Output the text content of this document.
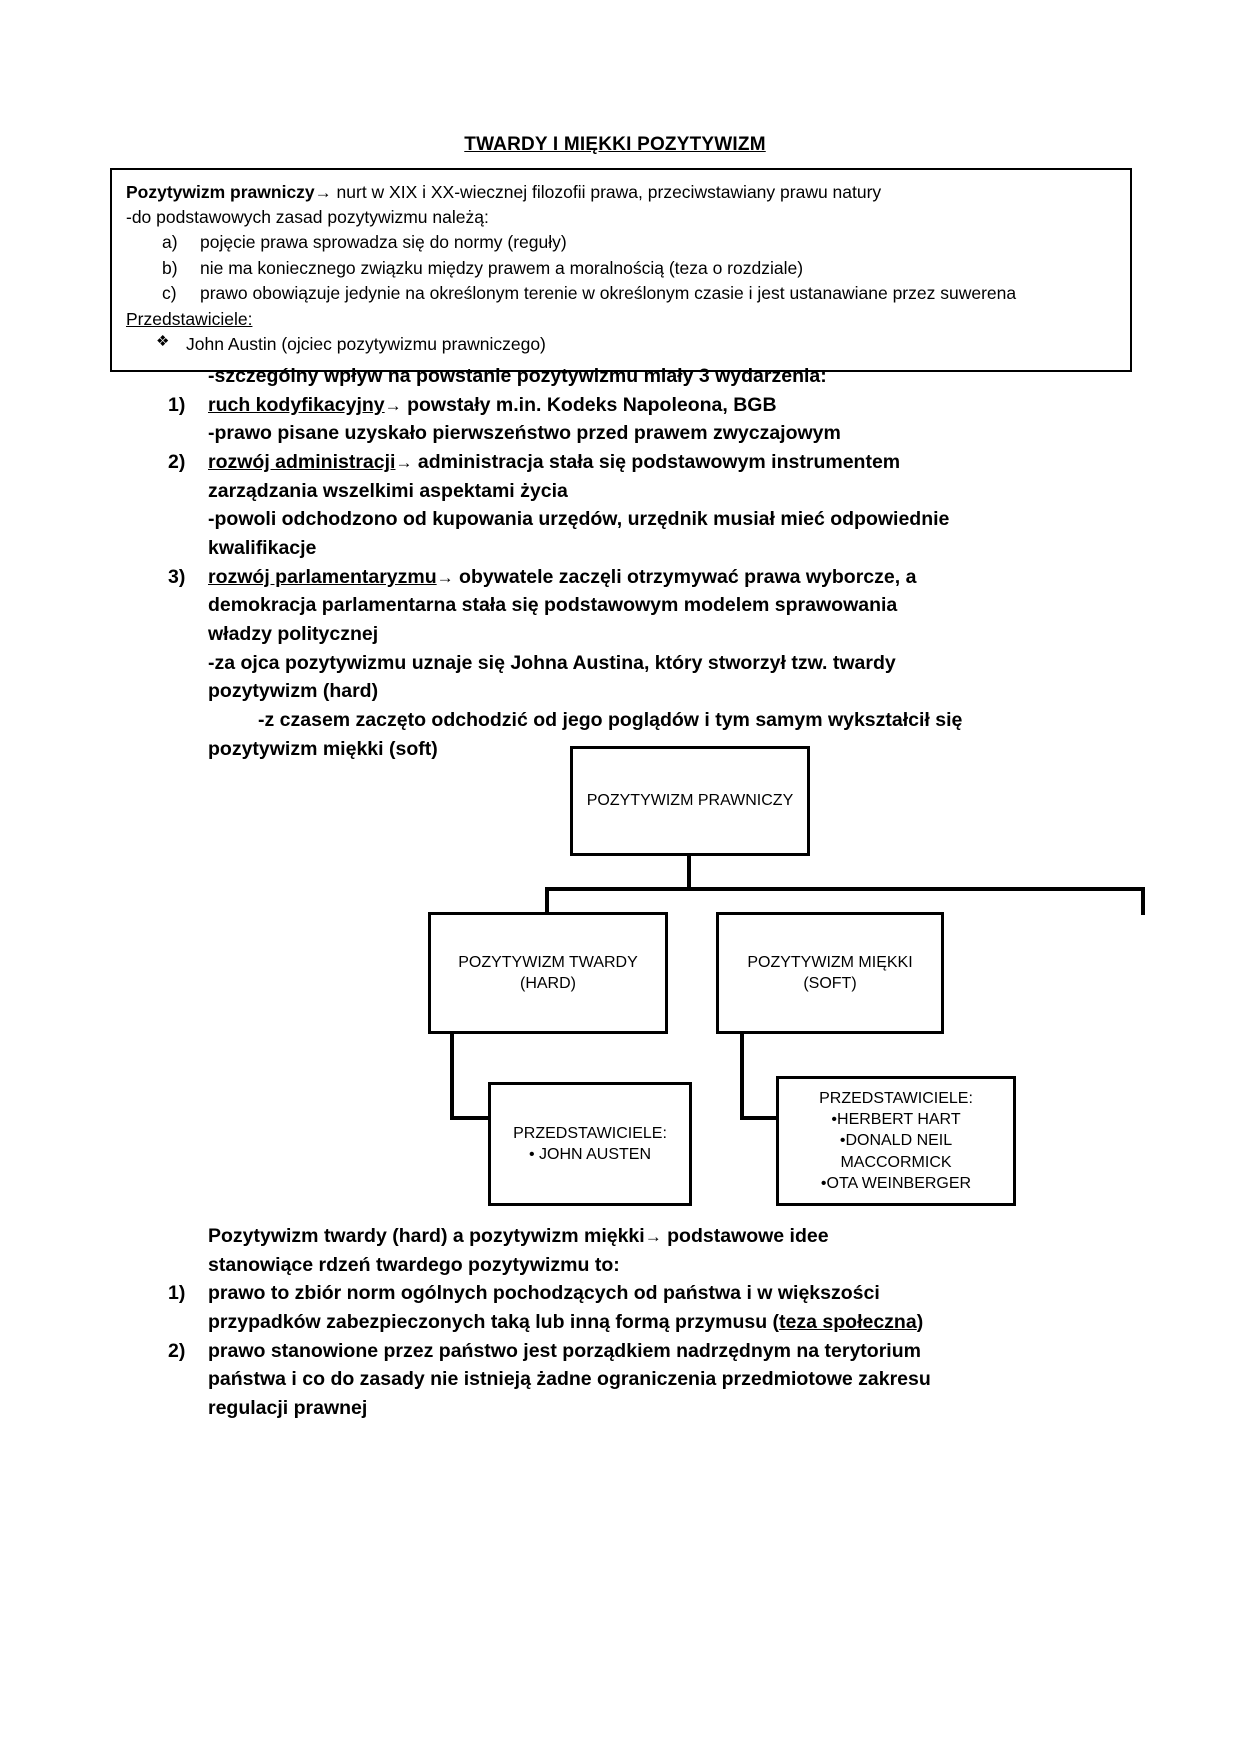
TWARDY I MIĘKKI POZYTYWIZM
Pozytywizm prawniczy→ nurt w XIX i XX-wiecznej filozofii prawa, przeciwstawiany prawu natury
-do podstawowych zasad pozytywizmu należą:
a)	pojęcie prawa sprowadza się do normy (reguły)
b)	nie ma koniecznego związku między prawem a moralnością (teza o rozdziale)
c)	prawo obowiązuje jedynie na określonym terenie w określonym czasie i jest ustanawiane przez suwerena
Przedstawiciele:
❖ John Austin (ojciec pozytywizmu prawniczego)
-szczególny wpływ na powstanie pozytywizmu miały 3 wydarzenia:
1)	ruch kodyfikacyjny→ powstały m.in. Kodeks Napoleona, BGB
-prawo pisane uzyskało pierwszeństwo przed prawem zwyczajowym
2)	rozwój administracji→ administracja stała się podstawowym instrumentem
zarządzania wszelkimi aspektami życia
-powoli odchodzono od kupowania urzędów, urzędnik musiał mieć odpowiednie
kwalifikacje
3)	rozwój parlamentaryzmu→ obywatele zaczęli otrzymywać prawa wyborcze, a
demokracja parlamentarna stała się podstawowym modelem sprawowania
władzy politycznej
-za ojca pozytywizmu uznaje się Johna Austina, który stworzył tzw. twardy
pozytywizm (hard)
-z czasem zaczęto odchodzić od jego poglądów i tym samym wykształcił się
pozytywizm miękki (soft)
POZYTYWIZM PRAWNICZY
POZYTYWIZM TWARDY (HARD)
POZYTYWIZM MIĘKKI (SOFT)
PRZEDSTAWICIELE:
• JOHN AUSTEN
PRZEDSTAWICIELE:
•HERBERT HART
•DONALD NEIL MACCORMICK
•OTA WEINBERGER
Pozytywizm twardy (hard) a pozytywizm miękki→ podstawowe idee
stanowiące rdzeń twardego pozytywizmu to:
1)	prawo to zbiór norm ogólnych pochodzących od państwa i w większości
przypadków zabezpieczonych taką lub inną formą przymusu (teza społeczna)
2)	prawo stanowione przez państwo jest porządkiem nadrzędnym na terytorium
państwa i co do zasady nie istnieją żadne ograniczenia przedmiotowe zakresu
regulacji prawnej
